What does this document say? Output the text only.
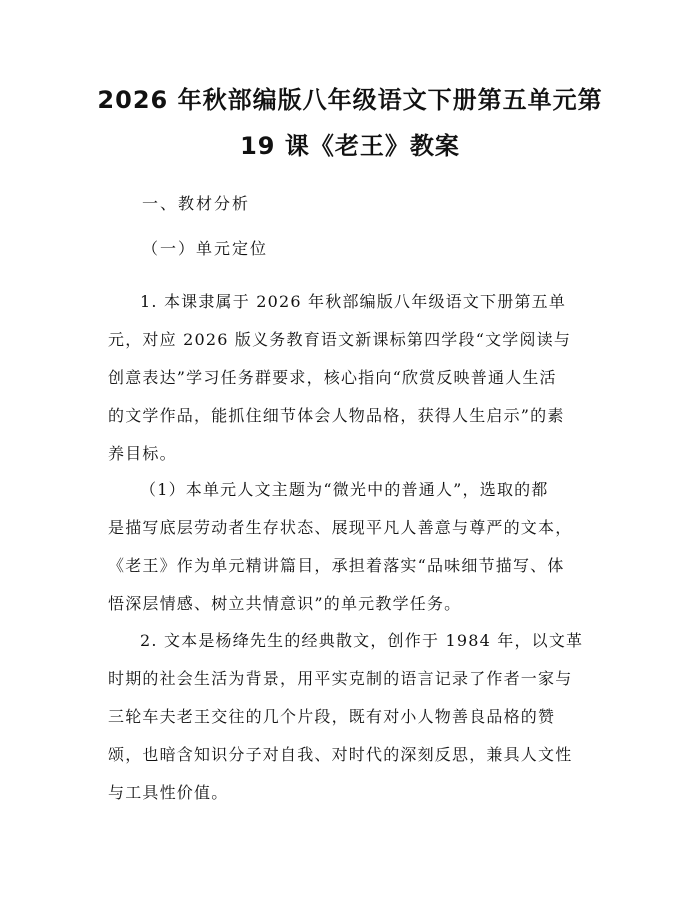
2026 年秋部编版八年级语文下册第五单元第
19 课《老王》教案

一、教材分析

（一）单元定位

1. 本课隶属于 2026 年秋部编版八年级语文下册第五单
元，对应 2026 版义务教育语文新课标第四学段“文学阅读与
创意表达”学习任务群要求，核心指向“欣赏反映普通人生活
的文学作品，能抓住细节体会人物品格，获得人生启示”的素
养目标。
（1）本单元人文主题为“微光中的普通人”，选取的都
是描写底层劳动者生存状态、展现平凡人善意与尊严的文本，
《老王》作为单元精讲篇目，承担着落实“品味细节描写、体
悟深层情感、树立共情意识”的单元教学任务。
2. 文本是杨绛先生的经典散文，创作于 1984 年，以文革
时期的社会生活为背景，用平实克制的语言记录了作者一家与
三轮车夫老王交往的几个片段，既有对小人物善良品格的赞
颂，也暗含知识分子对自我、对时代的深刻反思，兼具人文性
与工具性价值。
